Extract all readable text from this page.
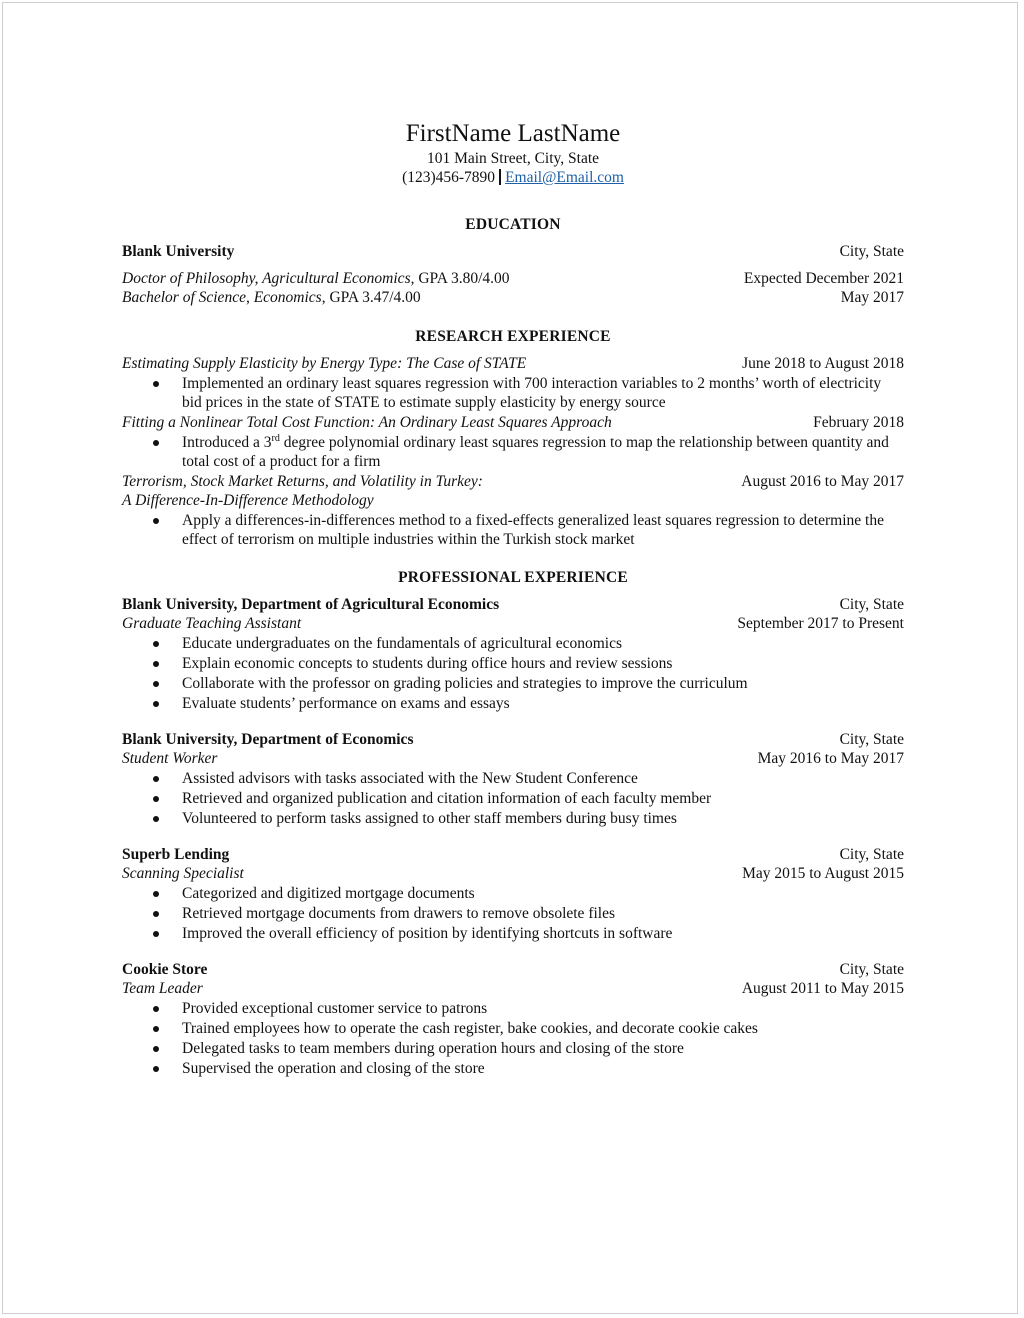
FirstName LastName
101 Main Street, City, State
(123)456-7890 Email@Email.com
EDUCATION
Blank University	City, State
Doctor of Philosophy, Agricultural Economics, GPA 3.80/4.00	Expected December 2021
Bachelor of Science, Economics, GPA 3.47/4.00	May 2017
RESEARCH EXPERIENCE
Estimating Supply Elasticity by Energy Type: The Case of STATE	June 2018 to August 2018
Implemented an ordinary least squares regression with 700 interaction variables to 2 months’ worth of electricity bid prices in the state of STATE to estimate supply elasticity by energy source
Fitting a Nonlinear Total Cost Function: An Ordinary Least Squares Approach	February 2018
Introduced a 3rd degree polynomial ordinary least squares regression to map the relationship between quantity and total cost of a product for a firm
Terrorism, Stock Market Returns, and Volatility in Turkey:	August 2016 to May 2017
A Difference-In-Difference Methodology
Apply a differences-in-differences method to a fixed-effects generalized least squares regression to determine the effect of terrorism on multiple industries within the Turkish stock market
PROFESSIONAL EXPERIENCE
Blank University, Department of Agricultural Economics	City, State
Graduate Teaching Assistant	September 2017 to Present
Educate undergraduates on the fundamentals of agricultural economics
Explain economic concepts to students during office hours and review sessions
Collaborate with the professor on grading policies and strategies to improve the curriculum
Evaluate students’ performance on exams and essays
Blank University, Department of Economics	City, State
Student Worker	May 2016 to May 2017
Assisted advisors with tasks associated with the New Student Conference
Retrieved and organized publication and citation information of each faculty member
Volunteered to perform tasks assigned to other staff members during busy times
Superb Lending	City, State
Scanning Specialist	May 2015 to August 2015
Categorized and digitized mortgage documents
Retrieved mortgage documents from drawers to remove obsolete files
Improved the overall efficiency of position by identifying shortcuts in software
Cookie Store	City, State
Team Leader	August 2011 to May 2015
Provided exceptional customer service to patrons
Trained employees how to operate the cash register, bake cookies, and decorate cookie cakes
Delegated tasks to team members during operation hours and closing of the store
Supervised the operation and closing of the store
